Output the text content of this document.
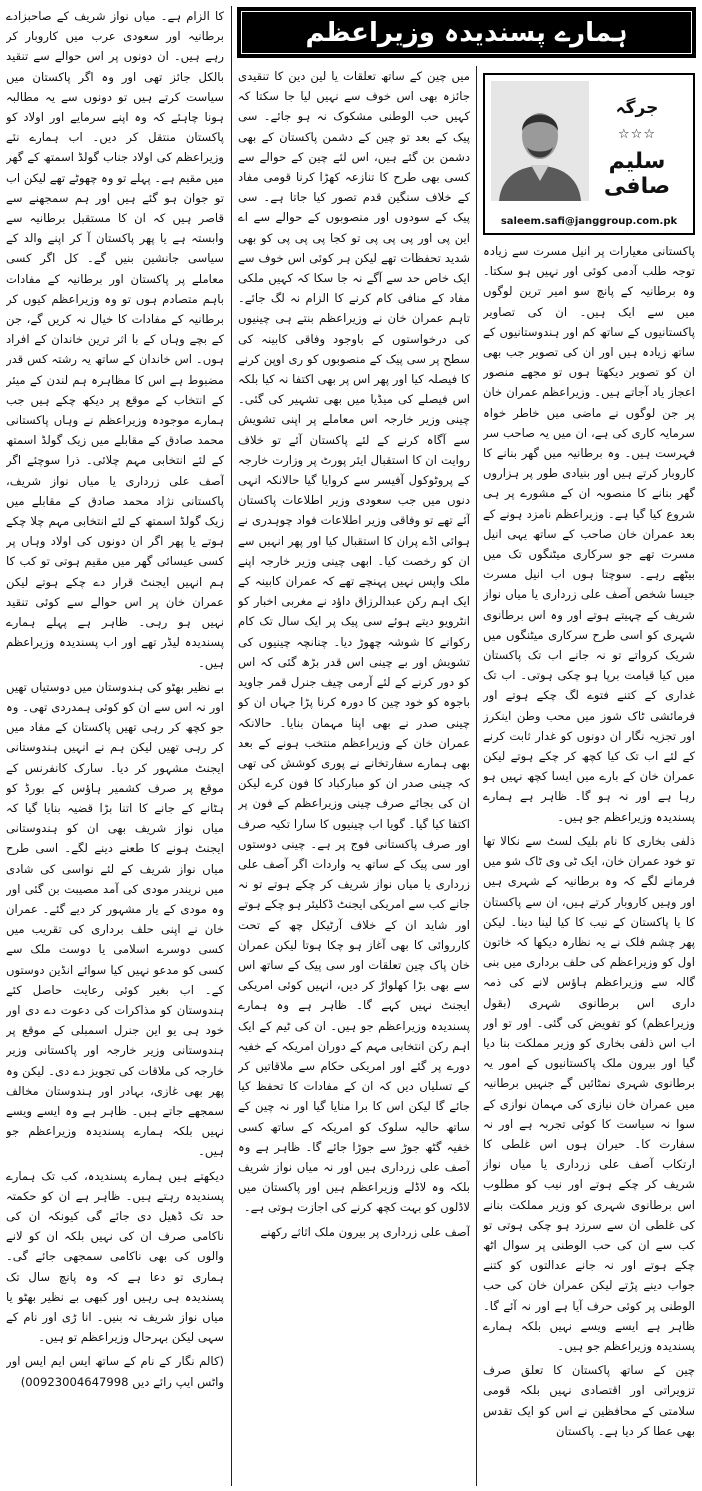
ہمارے پسندیدہ وزیراعظم
جرگہ
☆☆☆
سلیم صافی
saleem.safi@janggroup.com.pk

پاکستانی معیارات پر انیل مسرت سے زیادہ توجہ طلب آدمی کوئی اور نہیں ہو سکتا۔ وہ برطانیہ کے پانچ سو امیر ترین لوگوں میں سے ایک ہیں۔ ان کی تصاویر پاکستانیوں کے ساتھ کم اور ہندوستانیوں کے ساتھ زیادہ ہیں اور ان کی تصویر جب بھی ان کو تصویر دیکھتا ہوں تو مجھے منصور اعجاز یاد آجاتے ہیں۔ وزیراعظم عمران خان پر جن لوگوں نے ماضی میں خاطر خواہ سرمایہ کاری کی ہے، ان میں یہ صاحب سر فہرست ہیں۔ وہ برطانیہ میں گھر بنانے کا کاروبار کرتے ہیں اور بنیادی طور پر ہزاروں گھر بنانے کا منصوبہ ان کے مشورے پر ہی شروع کیا گیا ہے۔ وزیراعظم نامزد ہونے کے بعد عمران خان صاحب کے ساتھ یہی انیل مسرت تھے جو سرکاری میٹنگوں تک میں بیٹھے رہے۔ سوچتا ہوں اب انیل مسرت جیسا شخص آصف علی زرداری یا میاں نواز شریف کے چہیتے ہوتے اور وہ اس برطانوی شہری کو اسی طرح سرکاری میٹنگوں میں شریک کرواتے تو نہ جانے اب تک پاکستان میں کیا قیامت برپا ہو چکی ہوتی۔ اب تک غداری کے کتنے فتوے لگ چکے ہوتے اور فرمائشی ٹاک شوز میں محب وطن اینکرز اور تجزیہ نگار ان دونوں کو غدار ثابت کرنے کے لئے اب تک کیا کچھ کر چکے ہوتے لیکن عمران خان کے بارے میں ایسا کچھ نہیں ہو رہا ہے اور نہ ہو گا۔ ظاہر ہے ہمارے پسندیدہ وزیراعظم جو ہیں۔

ذلفی بخاری کا نام بلیک لسٹ سے نکالا تھا تو خود عمران خان، ایک ٹی وی ٹاک شو میں فرمانے لگے کہ وہ برطانیہ کے شہری ہیں اور وہیں کاروبار کرتے ہیں، ان سے پاکستان کا یا پاکستان کے نیب کا کیا لینا دینا۔ لیکن پھر چشم فلک نے یہ نظارہ دیکھا کہ خاتون اول کو وزیراعظم کی حلف برداری میں بنی گالہ سے وزیراعظم ہاؤس لانے کی ذمہ داری اس برطانوی شہری (بقول وزیراعظم) کو تفویض کی گئی۔ اور تو اور اب اس ذلفی بخاری کو وزیر مملکت بنا دیا گیا اور بیرون ملک پاکستانیوں کے امور یہ برطانوی شہری نمٹائیں گے جنہیں برطانیہ میں عمران خان نیازی کی مہمان نوازی کے سوا نہ سیاست کا کوئی تجربہ ہے اور نہ سفارت کا۔ حیران ہوں اس غلطی کا ارتکاب آصف علی زرداری یا میاں نواز شریف کر چکے ہوتے اور نیب کو مطلوب اس برطانوی شہری کو وزیر مملکت بنانے کی غلطی ان سے سرزد ہو چکی ہوتی تو کب سے ان کی حب الوطنی پر سوال اٹھ چکے ہوتے اور نہ جانے عدالتوں کو کتنے جواب دینے پڑتے لیکن عمران خان کی حب الوطنی پر کوئی حرف آیا ہے اور نہ آئے گا۔ ظاہر ہے ایسے ویسے نہیں بلکہ ہمارے پسندیدہ وزیراعظم جو ہیں۔

چین کے ساتھ پاکستان کا تعلق صرف تزویراتی اور اقتصادی نہیں بلکہ قومی سلامتی کے محافظین نے اس کو ایک تقدس بھی عطا کر دیا ہے۔ پاکستان

میں چین کے ساتھ تعلقات یا لین دین کا تنقیدی جائزہ بھی اس خوف سے نہیں لیا جا سکتا کہ کہیں حب الوطنی مشکوک نہ ہو جائے۔ سی پیک کے بعد تو چین کے دشمن پاکستان کے بھی دشمن بن گئے ہیں، اس لئے چین کے حوالے سے کسی بھی طرح کا تنازعہ کھڑا کرنا قومی مفاد کے خلاف سنگین قدم تصور کیا جاتا ہے۔ سی پیک کے سودوں اور منصوبوں کے حوالے سے اے این پی اور پی پی پی تو کجا پی پی پی کو بھی شدید تحفظات تھے لیکن ہر کوئی اس خوف سے ایک خاص حد سے آگے نہ جا سکا کہ کہیں ملکی مفاد کے منافی کام کرنے کا الزام نہ لگ جائے۔ تاہم عمران خان نے وزیراعظم بنتے ہی چینیوں کی درخواستوں کے باوجود وفاقی کابینہ کی سطح پر سی پیک کے منصوبوں کو ری اوپن کرنے کا فیصلہ کیا اور پھر اس پر بھی اکتفا نہ کیا بلکہ اس فیصلے کی میڈیا میں بھی تشہیر کی گئی۔ چینی وزیر خارجہ اس معاملے پر اپنی تشویش سے آگاہ کرنے کے لئے پاکستان آئے تو خلاف روایت ان کا استقبال ایئر پورٹ پر وزارت خارجہ کے پروٹوکول آفیسر سے کروایا گیا حالانکہ انہی دنوں میں جب سعودی وزیر اطلاعات پاکستان آئے تھے تو وفاقی وزیر اطلاعات فواد چوہدری نے ہوائی اڈے پران کا استقبال کیا اور پھر انہیں سے ان کو رخصت کیا۔ ابھی چینی وزیر خارجہ اپنے ملک واپس نہیں پہنچے تھے کہ عمران کابینہ کے ایک اہم رکن عبدالرزاق داؤد نے مغربی اخبار کو انٹرویو دیتے ہوئے سی پیک پر ایک سال تک کام رکوانے کا شوشہ چھوڑ دیا۔ چنانچہ چینیوں کی تشویش اور بے چینی اس قدر بڑھ گئی کہ اس کو دور کرنے کے لئے آرمی چیف جنرل قمر جاوید باجوہ کو خود چین کا دورہ کرنا پڑا جہاں ان کو چینی صدر نے بھی اپنا مہمان بنایا۔ حالانکہ عمران خان کے وزیراعظم منتخب ہونے کے بعد بھی ہمارے سفارتخانے نے پوری کوشش کی تھی کہ چینی صدر ان کو مبارکباد کا فون کرے لیکن ان کی بجائے صرف چینی وزیراعظم کے فون پر اکتفا کیا گیا۔ گویا اب چینیوں کا سارا تکیہ صرف اور صرف پاکستانی فوج پر ہے۔ چینی دوستوں اور سی پیک کے ساتھ یہ واردات اگر آصف علی زرداری یا میاں نواز شریف کر چکے ہوتے تو نہ جانے کب سے امریکی ایجنٹ ڈکلیئر ہو چکے ہوتے اور شاید ان کے خلاف آرٹیکل چھ کے تحت کارروائی کا بھی آغاز ہو چکا ہوتا لیکن عمران خان پاک چین تعلقات اور سی پیک کے ساتھ اس سے بھی بڑا کھلواڑ کر دیں، انہیں کوئی امریکی ایجنٹ نہیں کہے گا۔ ظاہر ہے وہ ہمارے پسندیدہ وزیراعظم جو ہیں۔ ان کی ٹیم کے ایک اہم رکن انتخابی مہم کے دوران امریکہ کے خفیہ دورے پر گئے اور امریکی حکام سے ملاقاتیں کر کے تسلیاں دیں کہ ان کے مفادات کا تحفظ کیا جائے گا لیکن اس کا برا منایا گیا اور نہ چین کے ساتھ حالیہ سلوک کو امریکہ کے ساتھ کسی خفیہ گٹھ جوڑ سے جوڑا جائے گا۔ ظاہر ہے وہ آصف علی زرداری ہیں اور نہ میاں نواز شریف بلکہ وہ لاڈلے وزیراعظم ہیں اور پاکستان میں لاڈلوں کو بہت کچھ کرنے کی اجازت ہوتی ہے۔

آصف علی زرداری پر بیرون ملک اثاثے رکھنے

کا الزام ہے۔ میاں نواز شریف کے صاحبزادے برطانیہ اور سعودی عرب میں کاروبار کر رہے ہیں۔ ان دونوں پر اس حوالے سے تنقید بالکل جائز تھی اور وہ اگر پاکستان میں سیاست کرتے ہیں تو دونوں سے یہ مطالبہ ہونا چاہئے کہ وہ اپنے سرمایے اور اولاد کو پاکستان منتقل کر دیں۔ اب ہمارے نئے وزیراعظم کی اولاد جناب گولڈ اسمتھ کے گھر میں مقیم ہے۔ پہلے تو وہ چھوٹے تھے لیکن اب تو جوان ہو گئے ہیں اور ہم سمجھنے سے قاصر ہیں کہ ان کا مستقبل برطانیہ سے وابستہ ہے یا پھر پاکستان آ کر اپنے والد کے سیاسی جانشین بنیں گے۔ کل اگر کسی معاملے پر پاکستان اور برطانیہ کے مفادات باہم متصادم ہوں تو وہ وزیراعظم کیوں کر برطانیہ کے مفادات کا خیال نہ کریں گے، جن کے بچے وہاں کے با اثر ترین خاندان کے افراد ہوں۔ اس خاندان کے ساتھ یہ رشتہ کس قدر مضبوط ہے اس کا مظاہرہ ہم لندن کے میئر کے انتخاب کے موقع پر دیکھ چکے ہیں جب ہمارے موجودہ وزیراعظم نے وہاں پاکستانی محمد صادق کے مقابلے میں زیک گولڈ اسمتھ کے لئے انتخابی مہم چلائی۔ ذرا سوچئے اگر آصف علی زرداری یا میاں نواز شریف، پاکستانی نژاد محمد صادق کے مقابلے میں زیک گولڈ اسمتھ کے لئے انتخابی مہم چلا چکے ہوتے یا پھر اگر ان دونوں کی اولاد وہاں پر کسی عیسائی گھر میں مقیم ہوتی تو کب کا ہم انہیں ایجنٹ قرار دے چکے ہوتے لیکن عمران خان پر اس حوالے سے کوئی تنقید نہیں ہو رہی۔ ظاہر ہے پہلے ہمارے پسندیدہ لیڈر تھے اور اب پسندیدہ وزیراعظم ہیں۔

بے نظیر بھٹو کی ہندوستان میں دوستیاں تھیں اور نہ اس سے ان کو کوئی ہمدردی تھی۔ وہ جو کچھ کر رہی تھیں پاکستان کے مفاد میں کر رہی تھیں لیکن ہم نے انہیں ہندوستانی ایجنٹ مشہور کر دیا۔ سارک کانفرنس کے موقع پر صرف کشمیر ہاؤس کے بورڈ کو ہٹانے کے جانے کا اتنا بڑا قضیہ بنایا گیا کہ میاں نواز شریف بھی ان کو ہندوستانی ایجنٹ ہونے کا طعنے دینے لگے۔ اسی طرح میاں نواز شریف کے لئے نواسی کی شادی میں نریندر مودی کی آمد مصیبت بن گئی اور وہ مودی کے یار مشہور کر دیے گئے۔ عمران خان نے اپنی حلف برداری کی تقریب میں کسی دوسرے اسلامی یا دوست ملک سے کسی کو مدعو نہیں کیا سوائے انڈین دوستوں کے۔ اب بغیر کوئی رعایت حاصل کئے ہندوستان کو مذاکرات کی دعوت دے دی اور خود ہی یو این جنرل اسمبلی کے موقع پر ہندوستانی وزیر خارجہ اور پاکستانی وزیر خارجہ کی ملاقات کی تجویز دے دی۔ لیکن وہ پھر بھی غازی، بہادر اور ہندوستان مخالف سمجھے جاتے ہیں۔ ظاہر ہے وہ ایسے ویسے نہیں بلکہ ہمارے پسندیدہ وزیراعظم جو ہیں۔

دیکھتے ہیں ہمارے پسندیدہ، کب تک ہمارے پسندیدہ رہتے ہیں۔ ظاہر ہے ان کو حکمتہ حد تک ڈھیل دی جائے گی کیونکہ ان کی ناکامی صرف ان کی نہیں بلکہ ان کو لانے والوں کی بھی ناکامی سمجھی جائے گی۔ ہماری تو دعا ہے کہ وہ پانچ سال تک پسندیدہ ہی رہیں اور کبھی بے نظیر بھٹو یا میاں نواز شریف نہ بنیں۔ انا ڑی اور نام کے سہی لیکن بہرحال وزیراعظم تو ہیں۔

(کالم نگار کے نام کے ساتھ ایس ایم ایس اور واٹس ایپ رائے دیں 00923004647998)
